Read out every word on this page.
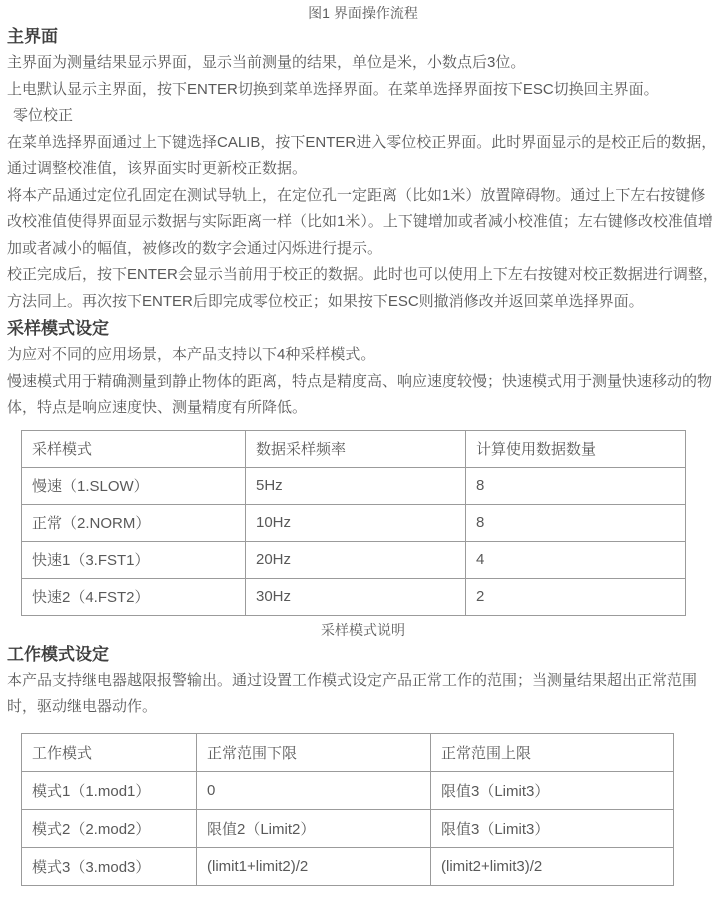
图1 界面操作流程
主界面

主界面为测量结果显示界面，显示当前测量的结果，单位是米，小数点后3位。

上电默认显示主界面，按下ENTER切换到菜单选择界面。在菜单选择界面按下ESC切换回主界面。

零位校正

在菜单选择界面通过上下键选择CALIB，按下ENTER进入零位校正界面。此时界面显示的是校正后的数据，通过调整校准值，该界面实时更新校正数据。

将本产品通过定位孔固定在测试导轨上，在定位孔一定距离（比如1米）放置障碍物。通过上下左右按键修改校准值使得界面显示数据与实际距离一样（比如1米）。上下键增加或者减小校准值；左右键修改校准值增加或者减小的幅值，被修改的数字会通过闪烁进行提示。

校正完成后，按下ENTER会显示当前用于校正的数据。此时也可以使用上下左右按键对校正数据进行调整，方法同上。再次按下ENTER后即完成零位校正；如果按下ESC则撤消修改并返回菜单选择界面。

采样模式设定

为应对不同的应用场景，本产品支持以下4种采样模式。

慢速模式用于精确测量到静止物体的距离，特点是精度高、响应速度较慢；快速模式用于测量快速移动的物体，特点是响应速度快、测量精度有所降低。

采样模式	数据采样频率	计算使用数据数量
慢速（1.SLOW）	5Hz	8
正常（2.NORM）	10Hz	8
快速1（3.FST1）	20Hz	4
快速2（4.FST2）	30Hz	2
采样模式说明
工作模式设定

本产品支持继电器越限报警输出。通过设置工作模式设定产品正常工作的范围；当测量结果超出正常范围时，驱动继电器动作。

工作模式	正常范围下限	正常范围上限
模式1（1.mod1）	0	限值3（Limit3）
模式2（2.mod2）	限值2（Limit2）	限值3（Limit3）
模式3（3.mod3）	(limit1+limit2)/2	(limit2+limit3)/2
